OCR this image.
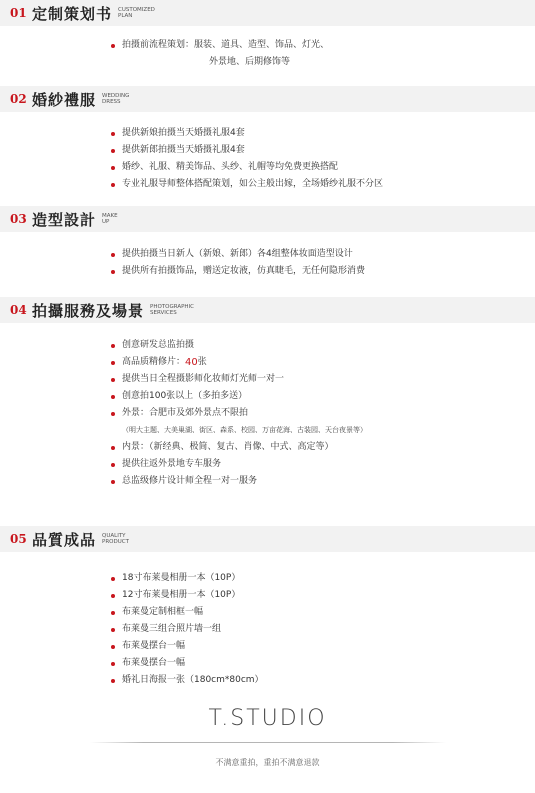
01 定制策划书 CUSTOMIZED
PLAN
拍摄前流程策划：服装、道具、造型、饰品、灯光、
外景地、后期修饰等
02 婚紗禮服 WEDDING
DRESS
提供新娘拍摄当天婚摄礼服4套
提供新郎拍摄当天婚摄礼服4套
婚纱、礼服、精美饰品、头纱、礼帽等均免费更换搭配
专业礼服导师整体搭配策划，如公主般出嫁，全场婚纱礼服不分区
03 造型設計 MAKE
UP
提供拍摄当日新人（新娘、新郎）各4组整体妆面造型设计
提供所有拍摄饰品，赠送定妆液，仿真睫毛，无任何隐形消费
04 拍攝服務及場景 PHOTOGRAPHIC
SERVICES
创意研发总监拍摄
高品质精修片： 40 张
提供当日全程摄影师化妆师灯光师一对一
创意拍100张以上（多拍多送）
外景：合肥市及郊外景点不限拍
（明大主题、大美巢湖、街区、森系、校园、万亩花海、古装园、天台夜景等）
内景：（新经典、极简、复古、肖像、中式、高定等）
提供往返外景地专车服务
总监级修片设计师全程一对一服务
05 品質成品 QUALITY
PRODUCT
18寸布莱曼相册一本（10P）
12寸布莱曼相册一本（10P）
布莱曼定制相框一幅
布莱曼三组合照片墙一组
布莱曼摆台一幅
布莱曼摆台一幅
婚礼日海报一张（180cm*80cm）
T.STUDIO
不满意重拍，重拍不满意退款
